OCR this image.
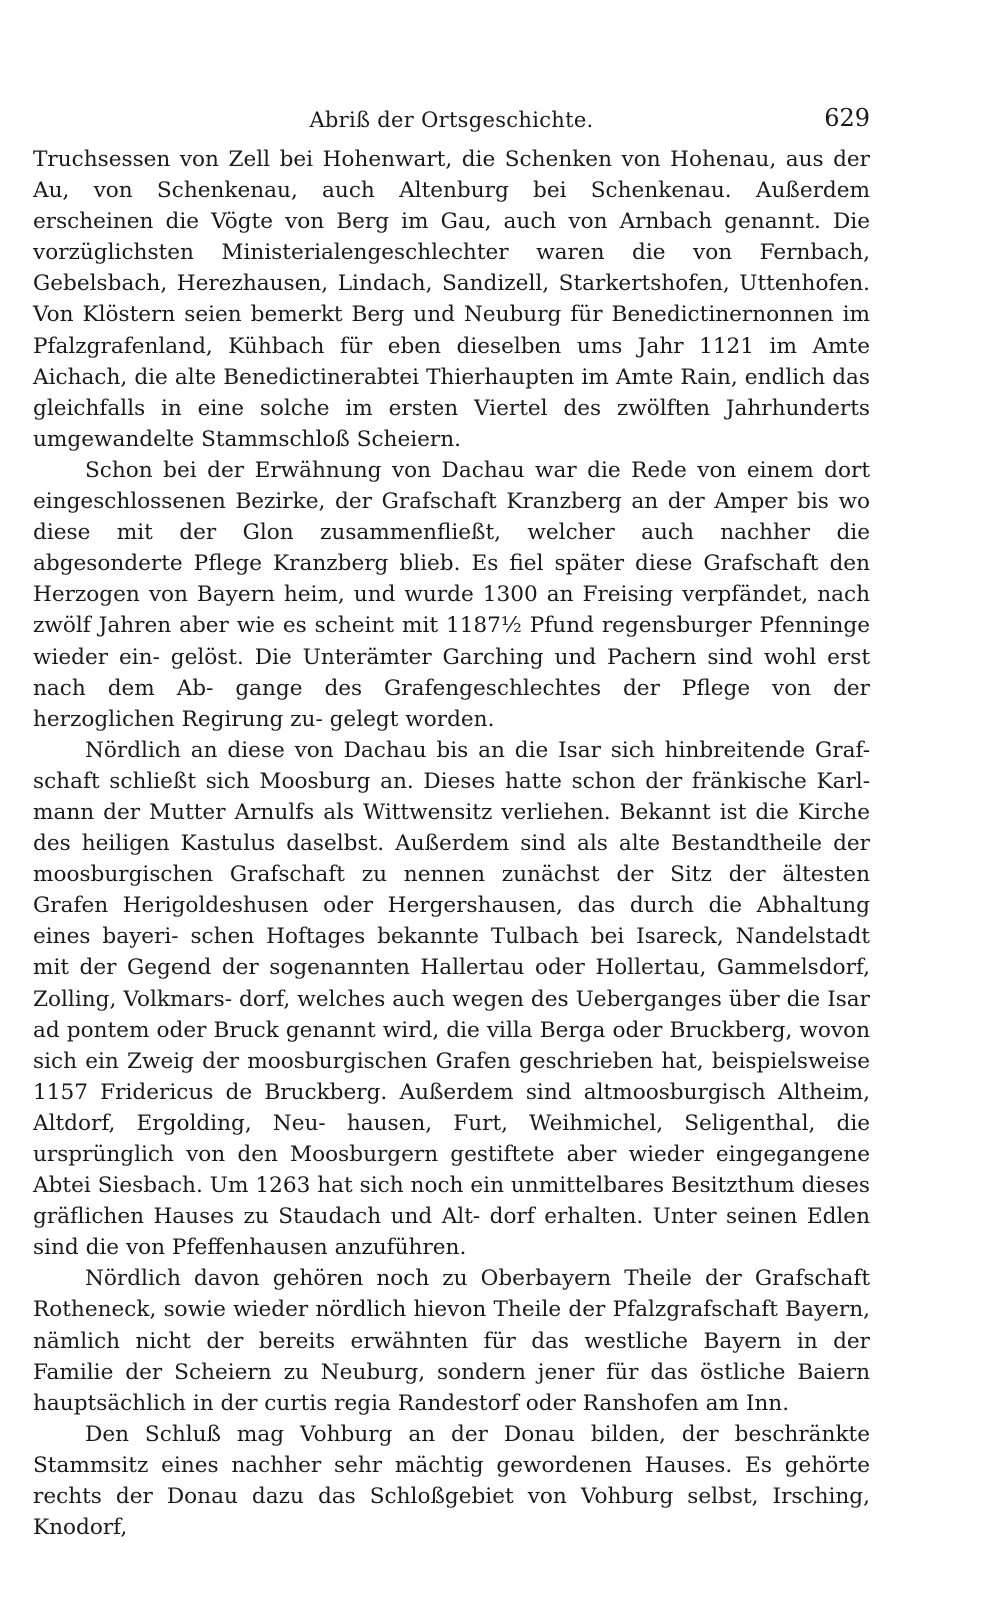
Abriß der Ortsgeschichte.	629

Truchsessen von Zell bei Hohenwart, die Schenken von Hohenau, aus der Au, von Schenkenau, auch Altenburg bei Schenkenau. Außerdem erscheinen die Vögte von Berg im Gau, auch von Arnbach genannt. Die vorzüglichsten Ministerialengeschlechter waren die von Fernbach, Gebelsbach, Herezhausen, Lindach, Sandizell, Starkertshofen, Uttenhofen. Von Klöstern seien bemerkt Berg und Neuburg für Benedictinernonnen im Pfalzgrafenland, Kühbach für eben dieselben ums Jahr 1121 im Amte Aichach, die alte Benedictinerabtei Thierhaupten im Amte Rain, endlich das gleichfalls in eine solche im ersten Viertel des zwölften Jahrhunderts umgewandelte Stammschloß Scheiern.

Schon bei der Erwähnung von Dachau war die Rede von einem dort eingeschlossenen Bezirke, der Grafschaft Kranzberg an der Amper bis wo diese mit der Glon zusammenfließt, welcher auch nachher die abgesonderte Pflege Kranzberg blieb. Es fiel später diese Grafschaft den Herzogen von Bayern heim, und wurde 1300 an Freising verpfändet, nach zwölf Jahren aber wie es scheint mit 1187½ Pfund regensburger Pfenninge wieder ein- gelöst. Die Unterämter Garching und Pachern sind wohl erst nach dem Ab- gange des Grafengeschlechtes der Pflege von der herzoglichen Regirung zu- gelegt worden.

Nördlich an diese von Dachau bis an die Isar sich hinbreitende Graf- schaft schließt sich Moosburg an. Dieses hatte schon der fränkische Karl- mann der Mutter Arnulfs als Wittwensitz verliehen. Bekannt ist die Kirche des heiligen Kastulus daselbst. Außerdem sind als alte Bestandtheile der moosburgischen Grafschaft zu nennen zunächst der Sitz der ältesten Grafen Herigoldeshusen oder Hergershausen, das durch die Abhaltung eines bayeri- schen Hoftages bekannte Tulbach bei Isareck, Nandelstadt mit der Gegend der sogenannten Hallertau oder Hollertau, Gammelsdorf, Zolling, Volkmars- dorf, welches auch wegen des Ueberganges über die Isar ad pontem oder Bruck genannt wird, die villa Berga oder Bruckberg, wovon sich ein Zweig der moosburgischen Grafen geschrieben hat, beispielsweise 1157 Fridericus de Bruckberg. Außerdem sind altmoosburgisch Altheim, Altdorf, Ergolding, Neu- hausen, Furt, Weihmichel, Seligenthal, die ursprünglich von den Moosburgern gestiftete aber wieder eingegangene Abtei Siesbach. Um 1263 hat sich noch ein unmittelbares Besitzthum dieses gräflichen Hauses zu Staudach und Alt- dorf erhalten. Unter seinen Edlen sind die von Pfeffenhausen anzuführen.

Nördlich davon gehören noch zu Oberbayern Theile der Grafschaft Rotheneck, sowie wieder nördlich hievon Theile der Pfalzgrafschaft Bayern, nämlich nicht der bereits erwähnten für das westliche Bayern in der Familie der Scheiern zu Neuburg, sondern jener für das östliche Baiern hauptsächlich in der curtis regia Randestorf oder Ranshofen am Inn.

Den Schluß mag Vohburg an der Donau bilden, der beschränkte Stammsitz eines nachher sehr mächtig gewordenen Hauses. Es gehörte rechts der Donau dazu das Schloßgebiet von Vohburg selbst, Irsching, Knodorf,
